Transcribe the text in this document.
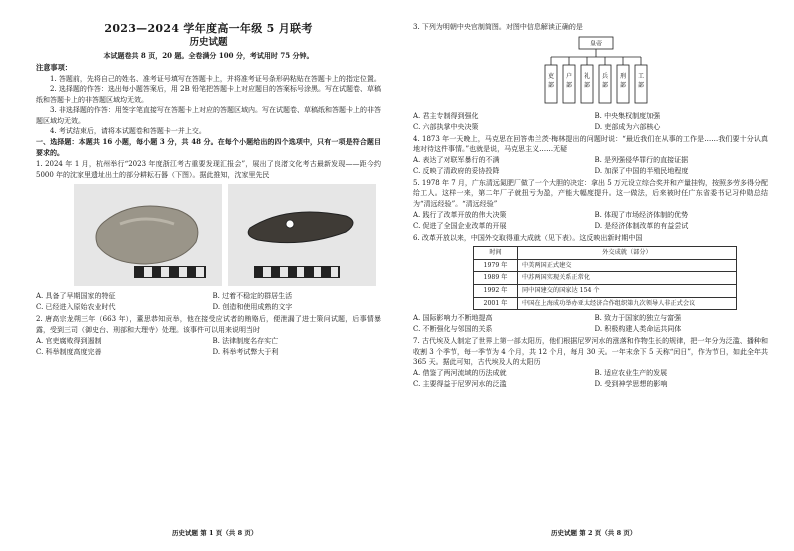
2023—2024 学年度高一年级 5 月联考
历史试题
本试题卷共 8 页，20 题。全卷满分 100 分，考试用时 75 分钟。
注意事项：

1. 答题前，先将自己的姓名、准考证号填写在答题卡上，并将准考证号条形码粘贴在答题卡上的指定位置。

2. 选择题的作答：选出每小题答案后，用 2B 铅笔把答题卡上对应题目的答案标号涂黑。写在试题卷、草稿纸和答题卡上的非答题区域均无效。

3. 非选择题的作答：用签字笔直接写在答题卡上对应的答题区域内。写在试题卷、草稿纸和答题卡上的非答题区域均无效。

4. 考试结束后，请将本试题卷和答题卡一并上交。

一、选择题：本题共 16 小题，每小题 3 分，共 48 分。在每个小题给出的四个选项中，只有一项是符合题目要求的。

1. 2024 年 1 月，杭州举行“2023 年度浙江考古重要发现汇报会”，展出了良渚文化考古最新发现——距今约 5000 年的沈家里遗址出土的部分耕耘石器（下图）。据此推知，沈家里先民

A. 具备了早期国家的特征	B. 过着不稳定的群居生活
C. 已经进入原始农业时代	D. 创造和使用成熟的文字

2. 唐高宗龙朔三年（663 年），董思恭知贡举，他在接受应试者的贿赂后，便泄漏了进士策问试题，后事情暴露，受到三司（御史台、刑部和大理寺）处理。该事件可以用来说明当时

A. 官吏腐败得到遏制	B. 法律制度名存实亡
C. 科举制度高度完善	D. 科举考试弊大于利
历史试题 第 1 页（共 8 页）

3. 下列为明朝中央官制简图。对图中信息解读正确的是

皇帝
吏
部
户
部
礼
部
兵
部
刑
部
工
部
A. 君主专制得到强化	B. 中央集权制度加强
C. 六部执掌中央决策	D. 吏部成为六部核心

4. 1873 年一天晚上，马克思在回答弗兰茨·梅林提出的问题时说：“最近我们在从事的工作是……我们要十分认真地对待这件事情。”也就是说，马克思主义……无疑

A. 表达了对联军暴行的不满	B. 是列强侵华罪行的直接证据
C. 反映了清政府的妥协投降	D. 加深了中国的半殖民地程度

5. 1978 年 7 月，广东清远氮肥厂做了一个大胆的决定：拿出 5 万元设立综合奖并和产量挂钩，按照多劳多得分配给工人。这样一来，第二年厂子就扭亏为盈，产能大幅度提升。这一做法，后来被时任广东省委书记习仲勋总结为“清远经验”。“清远经验”

A. 践行了改革开放的伟大决策	B. 体现了市场经济体制的优势
C. 促进了全国企业改革的开展	D. 是经济体制改革的有益尝试

6. 改革开放以来，中国外交取得重大成就（见下表）。这反映出新时期中国

时间	外交成就（部分）
1979 年	中美两国正式建交
1989 年	中苏两国实现关系正常化
1992 年	同中国建交的国家达 154 个
2001 年	中国在上海成功举办亚太经济合作组织第九次领导人非正式会议
A. 国际影响力不断地提高	B. 致力于国家的独立与富强
C. 不断强化与邻国的关系	D. 积极构建人类命运共同体

7. 古代埃及人制定了世界上第一部太阳历，他们根据尼罗河水的涨落和作物生长的规律，把一年分为泛滥、播种和收割 3 个季节，每一季节为 4 个月，共 12 个月，每月 30 天。一年末余下 5 天称“闰日”，作为节日，如此全年共 365 天。据此可知，古代埃及人的太阳历

A. 借鉴了两河流域的历法成就	B. 适应农业生产的发展
C. 主要得益于尼罗河水的泛滥	D. 受到神学思想的影响
历史试题 第 2 页（共 8 页）
